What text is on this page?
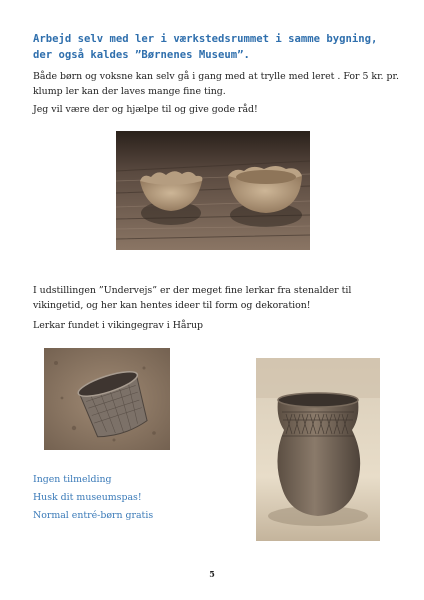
Arbejd selv med ler i værkstedsrummet i samme bygning,
der også kaldes ”Børnenes Museum”.
Både børn og voksne kan selv gå i gang med at trylle med leret . For 5 kr. pr. klump ler kan der laves mange fine ting.
Jeg vil være der og hjælpe til og give gode råd!
I udstillingen ”Undervejs” er der meget fine lerkar fra stenalder til vikingetid, og her kan hentes ideer til form og dekoration!
Lerkar fundet i vikingegrav i Hårup
Ingen tilmelding
Husk dit museumspas!
Normal entré-børn gratis
5
